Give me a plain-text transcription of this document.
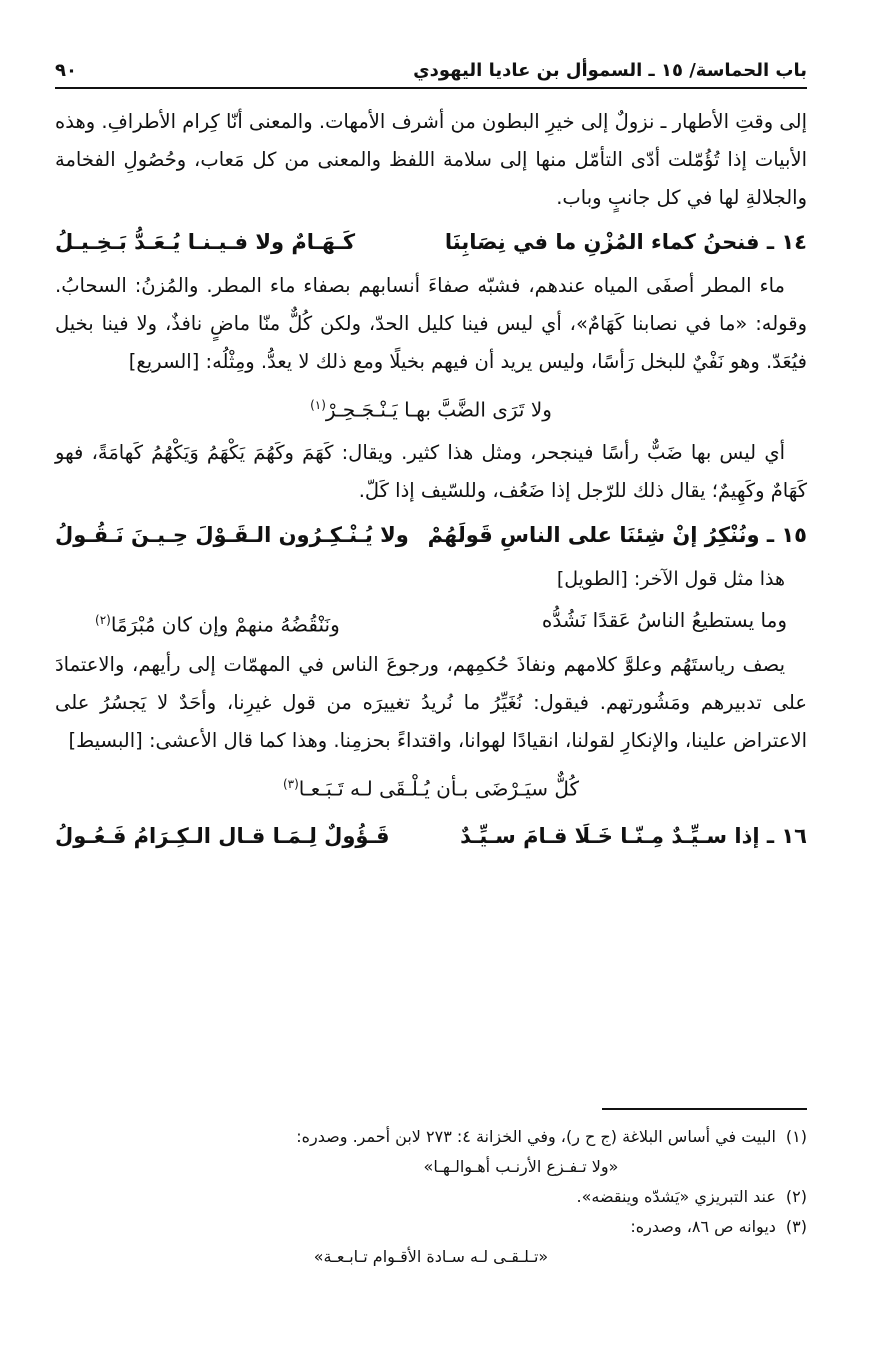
باب الحماسة/ ١٥ ـ السموأل بن عاديا اليهودي
٩٠

إلى وقتِ الأطهار ـ نزولٌ إلى خيرِ البطون من أشرف الأمهات. والمعنى أنّا كِرام الأطرافِ. وهذه الأبيات إذا تُؤُمّلت أدّى التأمّل منها إلى سلامة اللفظ والمعنى من كل مَعاب، وحُصُولِ الفخامة والجلالةِ لها في كل جانبٍ وباب.

١٤ ـ فنحنُ كماء المُزْنِ ما في نِصَابِنَا
كَـهَـامٌ ولا فـيـنـا يُـعَـدُّ بَـخِـيـلُ

ماء المطر أصفَى المياه عندهم، فشبّه صفاءَ أنسابهم بصفاء ماء المطر. والمُزنُ: السحابُ. وقوله: «ما في نصابنا كَهَامٌ»، أي ليس فينا كليل الحدّ، ولكن كُلٌّ منّا ماضٍ نافذٌ، ولا فينا بخيل فيُعَدّ. وهو نَفْيٌ للبخل رَأسًا، وليس يريد أن فيهم بخيلًا ومع ذلك لا يعدُّ. ومِثْلُه: [السريع]

ولا تَرَى الضَّبَّ بهـا يَـنْـجَـحِـرْ$^{(١)}$

أي ليس بها ضَبٌّ رأسًا فينجحر، ومثل هذا كثير. ويقال: كَهَمَ وكَهُمَ يَكْهَمُ وَيَكْهُمُ كَهامَةً، فهو كَهَامٌ وكَهِيمٌ؛ يقال ذلك للرّجل إذا ضَعُف، وللسّيف إذا كَلّ.

١٥ ـ ونُنْكِرُ إنْ شِئنَا على الناسِ قَولَهُمْ
ولا يُـنْـكِـرُون الـقَـوْلَ حِـيـنَ نَـقُـولُ
هذا مثل قول الآخر: [الطويل]
وما يستطيعُ الناسُ عَقدًا نَشُدُّه
ونَنْقُضُهُ منهمْ وإن كان مُبْرَمًا$^{(٢)}$

يصف رياستَهُم وعلوَّ كلامهم ونفاذَ حُكمِهم، ورجوعَ الناس في المهمّات إلى رأيهم، والاعتمادَ على تدبيرهم ومَشُورتهم. فيقول: نُغَيِّرُ ما نُريدُ تغييرَه من قول غيرِنا، وأحَدٌ لا يَجسُرُ على الاعتراض علينا، والإنكارِ لقولنا، انقيادًا لهوانا، واقتداءً بحزمِنا. وهذا كما قال الأعشى: [البسيط]

كُلٌّ سيَـرْضَى بـأن يُـلْـقَى لـه تَـبَـعـا$^{(٣)}$
١٦ ـ إذا سـيِّـدٌ مِـنّـا خَـلَا قـامَ سـيِّـدٌ
قَـؤُولٌ لِـمَـا قـال الـكِـرَامُ فَـعُـولُ
(١)
البيت في أساس البلاغة (ج ح ر)، وفي الخزانة ٤: ٢٧٣ لابن أحمر. وصدره:
«ولا تـفـزع الأرنـب أهـوالـهـا»
(٢)
عند التبريزي «يَشدّه وينقضه».
(٣)
ديوانه ص ٨٦، وصدره:
«تـلـقـى لـه سـادة الأقـوام تـابـعـة»
